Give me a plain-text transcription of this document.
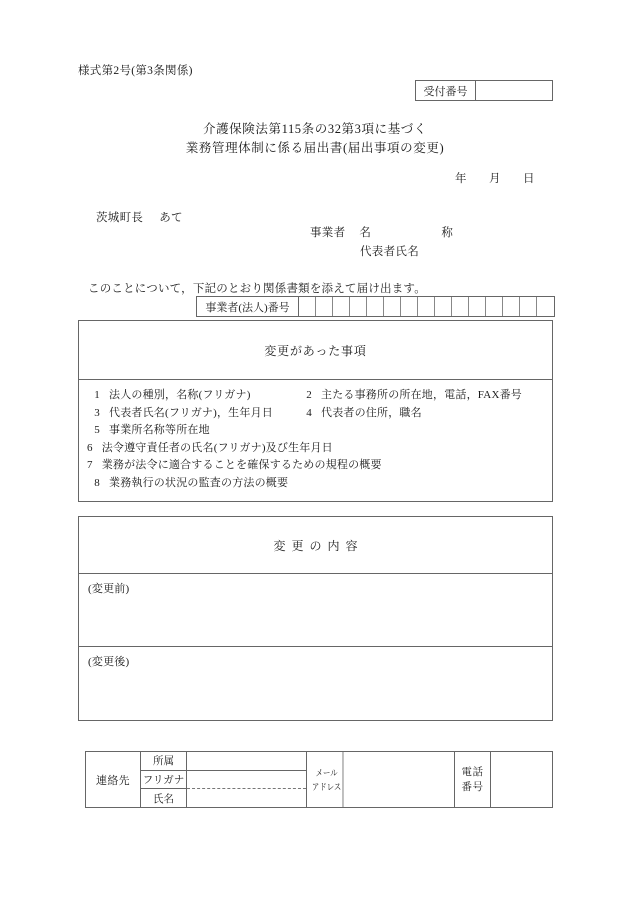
様式第2号(第3条関係)
受付番号
介護保険法第115条の32第3項に基づく
業務管理体制に係る届出書(届出事項の変更)
年 月 日
茨城町長 あて
事業者 名　　　称
代表者氏名
このことについて，下記のとおり関係書類を添えて届け出ます。
事業者(法人)番号
変更があった事項
1 法人の種別，名称(フリガナ)	2 主たる事務所の所在地，電話，FAX番号
3 代表者氏名(フリガナ)，生年月日	4 代表者の住所，職名
5 事業所名称等所在地
6 法令遵守責任者の氏名(フリガナ)及び生年月日
7 業務が法令に適合することを確保するための規程の概要
8 業務執行の状況の監査の方法の概要
変更の内容
(変更前)
(変更後)
連絡先
所属
フリガナ
氏名
メール
アドレス
電話
番号
